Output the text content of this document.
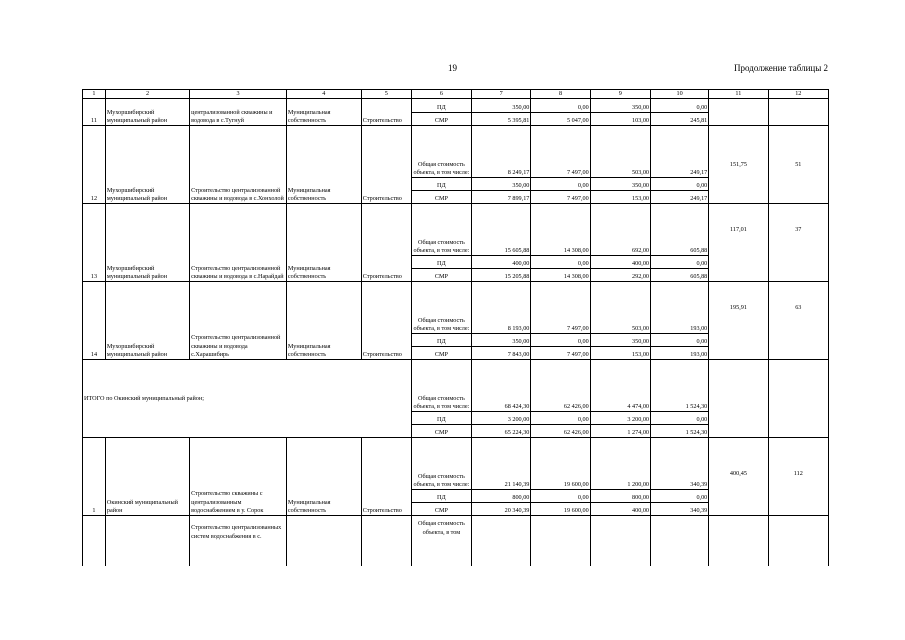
19	Продолжение таблицы 2
1	2	3	4	5	6	7	8	9	10	11	12
11	Мухоршибирский муниципальный район	централизованной скважины и водовода в с.Тугнуй	Муниципальная собственность	Строительство	ПД	350,00	0,00	350,00	0,00		
					СМР	5 395,81	5 047,00	103,00	245,81		
12	Мухоршибирский муниципальный район	Строительство централизованной скважины и водовода в с.Хонхолой	Муниципальная собственность	Строительство	Общая стоимость объекта, в том числе:	8 249,17	7 497,00	503,00	249,17	151,75	51
					ПД	350,00	0,00	350,00	0,00		
					СМР	7 899,17	7 497,00	153,00	249,17		
13	Мухоршибирский муниципальный район	Строительство централизованной скважины и водовода в с.Нарайдай	Муниципальная собственность	Строительство	Общая стоимость объекта, в том числе:	15 605,88	14 308,00	692,00	605,88	117,01	37
					ПД	400,00	0,00	400,00	0,00		
					СМР	15 205,88	14 308,00	292,00	605,88		
14	Мухоршибирский муниципальный район	Строительство централизованной скважины и водовода с.Харашибирь	Муниципальная собственность	Строительство	Общая стоимость объекта, в том числе:	8 193,00	7 497,00	503,00	193,00	195,91	63
					ПД	350,00	0,00	350,00	0,00		
					СМР	7 843,00	7 497,00	153,00	193,00		
ИТОГО по Окинский муниципальный район;					Общая стоимость объекта, в том числе:	68 424,30	62 426,00	4 474,00	1 524,30		
					ПД	3 200,00	0,00	3 200,00	0,00		
					СМР	65 224,30	62 426,00	1 274,00	1 524,30		
1	Окинский муниципальный район	Строительство скважины с централизованным водоснабжением в у. Сорок	Муниципальная собственность	Строительство	Общая стоимость объекта, в том числе:	21 140,39	19 600,00	1 200,00	340,39	400,45	112
					ПД	800,00	0,00	800,00	0,00		
					СМР	20 340,39	19 600,00	400,00	340,39		
		Строительство централизованных систем водоснабжения в с.			Общая стоимость объекта, в том						
